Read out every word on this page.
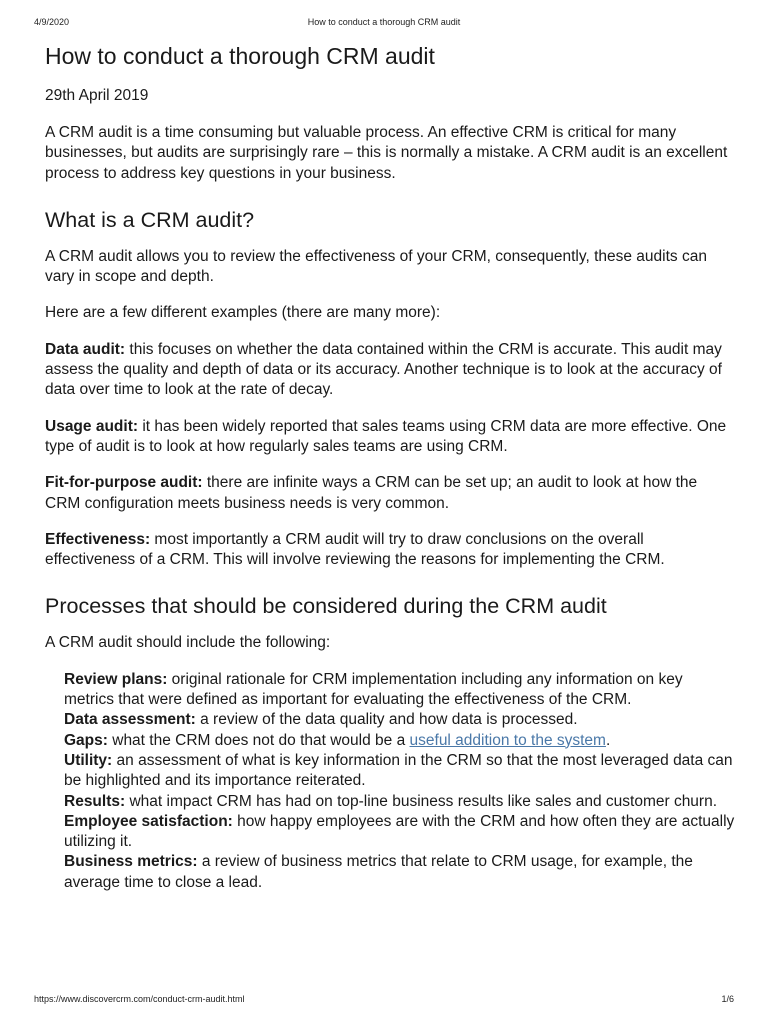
4/9/2020	How to conduct a thorough CRM audit
How to conduct a thorough CRM audit

29th April 2019

A CRM audit is a time consuming but valuable process. An effective CRM is critical for many businesses, but audits are surprisingly rare – this is normally a mistake. A CRM audit is an excellent process to address key questions in your business.

What is a CRM audit?

A CRM audit allows you to review the effectiveness of your CRM, consequently, these audits can vary in scope and depth.

Here are a few different examples (there are many more):

Data audit: this focuses on whether the data contained within the CRM is accurate. This audit may assess the quality and depth of data or its accuracy. Another technique is to look at the accuracy of data over time to look at the rate of decay.

Usage audit: it has been widely reported that sales teams using CRM data are more effective. One type of audit is to look at how regularly sales teams are using CRM.

Fit-for-purpose audit: there are infinite ways a CRM can be set up; an audit to look at how the CRM configuration meets business needs is very common.

Effectiveness: most importantly a CRM audit will try to draw conclusions on the overall effectiveness of a CRM. This will involve reviewing the reasons for implementing the CRM.

Processes that should be considered during the CRM audit

A CRM audit should include the following:

Review plans: original rationale for CRM implementation including any information on key metrics that were defined as important for evaluating the effectiveness of the CRM.
Data assessment: a review of the data quality and how data is processed.
Gaps: what the CRM does not do that would be a useful addition to the system.
Utility: an assessment of what is key information in the CRM so that the most leveraged data can be highlighted and its importance reiterated.
Results: what impact CRM has had on top-line business results like sales and customer churn.
Employee satisfaction: how happy employees are with the CRM and how often they are actually utilizing it.
Business metrics: a review of business metrics that relate to CRM usage, for example, the average time to close a lead.
https://www.discovercrm.com/conduct-crm-audit.html	1/6
